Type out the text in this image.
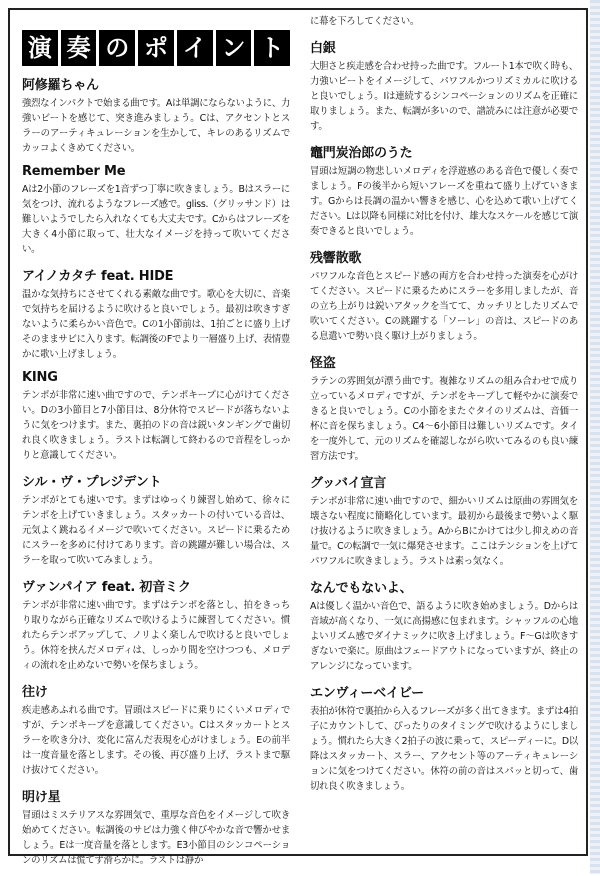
演 奏 の ポ イ ン ト
阿修羅ちゃん

強烈なインパクトで始まる曲です。Aは単調にならないように、力強いビートを感じて、突き進みましょう。Cは、アクセントとスラーのアーティキュレーションを生かして、キレのあるリズムでカッコよくきめてください。

Remember Me

Aは2小節のフレーズを1音ずつ丁寧に吹きましょう。Bはスラーに気をつけ、流れるようなフレーズ感で。gliss.（グリッサンド）は難しいようでしたら入れなくても大丈夫です。Cからはフレーズを大きく4小節に取って、壮大なイメージを持って吹いてください。

アイノカタチ feat. HIDE

温かな気持ちにさせてくれる素敵な曲です。歌心を大切に、音楽で気持ちを届けるように吹けると良いでしょう。最初は吹きすぎないように柔らかい音色で。Cの1小節前は、1拍ごとに盛り上げそのままサビに入ります。転調後のFでより一層盛り上げ、表情豊かに歌い上げましょう。

KING

テンポが非常に速い曲ですので、テンポキープに心がけてください。Dの3小節目と7小節目は、8分休符でスピードが落ちないように気をつけます。また、裏拍のドの音は鋭いタンギングで歯切れ良く吹きましょう。ラストは転調して終わるので音程をしっかりと意識してください。

シル・ヴ・プレジデント

テンポがとても速いです。まずはゆっくり練習し始めて、徐々にテンポを上げていきましょう。スタッカートの付いている音は、元気よく跳ねるイメージで吹いてください。スピードに乗るためにスラーを多めに付けてあります。音の跳躍が難しい場合は、スラーを取って吹いてみましょう。

ヴァンパイア feat. 初音ミク

テンポが非常に速い曲です。まずはテンポを落とし、拍をきっちり取りながら正確なリズムで吹けるように練習してください。慣れたらテンポアップして、ノリよく楽しんで吹けると良いでしょう。休符を挟んだメロディは、しっかり間を空けつつも、メロディの流れを止めないで勢いを保ちましょう。

往け

疾走感あふれる曲です。冒頭はスピードに乗りにくいメロディですが、テンポキープを意識してください。Cはスタッカートとスラーを吹き分け、変化に富んだ表現を心がけましょう。Eの前半は一度音量を落とします。その後、再び盛り上げ、ラストまで駆け抜けてください。

明け星

冒頭はミステリアスな雰囲気で、重厚な音色をイメージして吹き始めてください。転調後のサビは力強く伸びやかな音で響かせましょう。Eは一度音量を落とします。E3小節目のシンコペーションのリズムは慌てず滑らかに。ラストは静か

に幕を下ろしてください。

白銀

大胆さと疾走感を合わせ持った曲です。フルート1本で吹く時も、力強いビートをイメージして、パワフルかつリズミカルに吹けると良いでしょう。Iは連続するシンコペーションのリズムを正確に取りましょう。また、転調が多いので、譜読みには注意が必要です。

竈門炭治郎のうた

冒頭は短調の物悲しいメロディを浮遊感のある音色で優しく奏でましょう。Fの後半から短いフレーズを重ねて盛り上げていきます。Gからは長調の温かい響きを感じ、心を込めて歌い上げてください。Lは以降も同様に対比を付け、雄大なスケールを感じて演奏できると良いでしょう。

残響散歌

パワフルな音色とスピード感の両方を合わせ持った演奏を心がけてください。スピードに乗るためにスラーを多用しましたが、音の立ち上がりは鋭いアタックを当てて、カッチリとしたリズムで吹いてください。Cの跳躍する「ソーレ」の音は、スピードのある息遣いで勢い良く駆け上がりましょう。

怪盗

ラテンの雰囲気が漂う曲です。複雑なリズムの組み合わせで成り立っているメロディですが、テンポをキープして軽やかに演奏できると良いでしょう。Cの小節をまたぐタイのリズムは、音価一杯に音を保ちましょう。C4～6小節目は難しいリズムです。タイを一度外して、元のリズムを確認しながら吹いてみるのも良い練習方法です。

グッバイ宣言

テンポが非常に速い曲ですので、細かいリズムは原曲の雰囲気を壊さない程度に簡略化しています。最初から最後まで勢いよく駆け抜けるように吹きましょう。AからBにかけては少し抑えめの音量で。Cの転調で一気に爆発させます。ここはテンションを上げてパワフルに吹きましょう。ラストは素っ気なく。

なんでもないよ、

Aは優しく温かい音色で、語るように吹き始めましょう。Dからは音域が高くなり、一気に高揚感に包まれます。シャッフルの心地よいリズム感でダイナミックに吹き上げましょう。F～Gは吹きすぎないで楽に。原曲はフェードアウトになっていますが、終止のアレンジになっています。

エンヴィーベイビー

表拍が休符で裏拍から入るフレーズが多く出てきます。まずは4拍子にカウントして、ぴったりのタイミングで吹けるようにしましょう。慣れたら大きく2拍子の波に乗って、スピーディーに。D以降はスタッカート、スラー、アクセント等のアーティキュレーションに気をつけてください。休符の前の音はスパッと切って、歯切れ良く吹きましょう。
